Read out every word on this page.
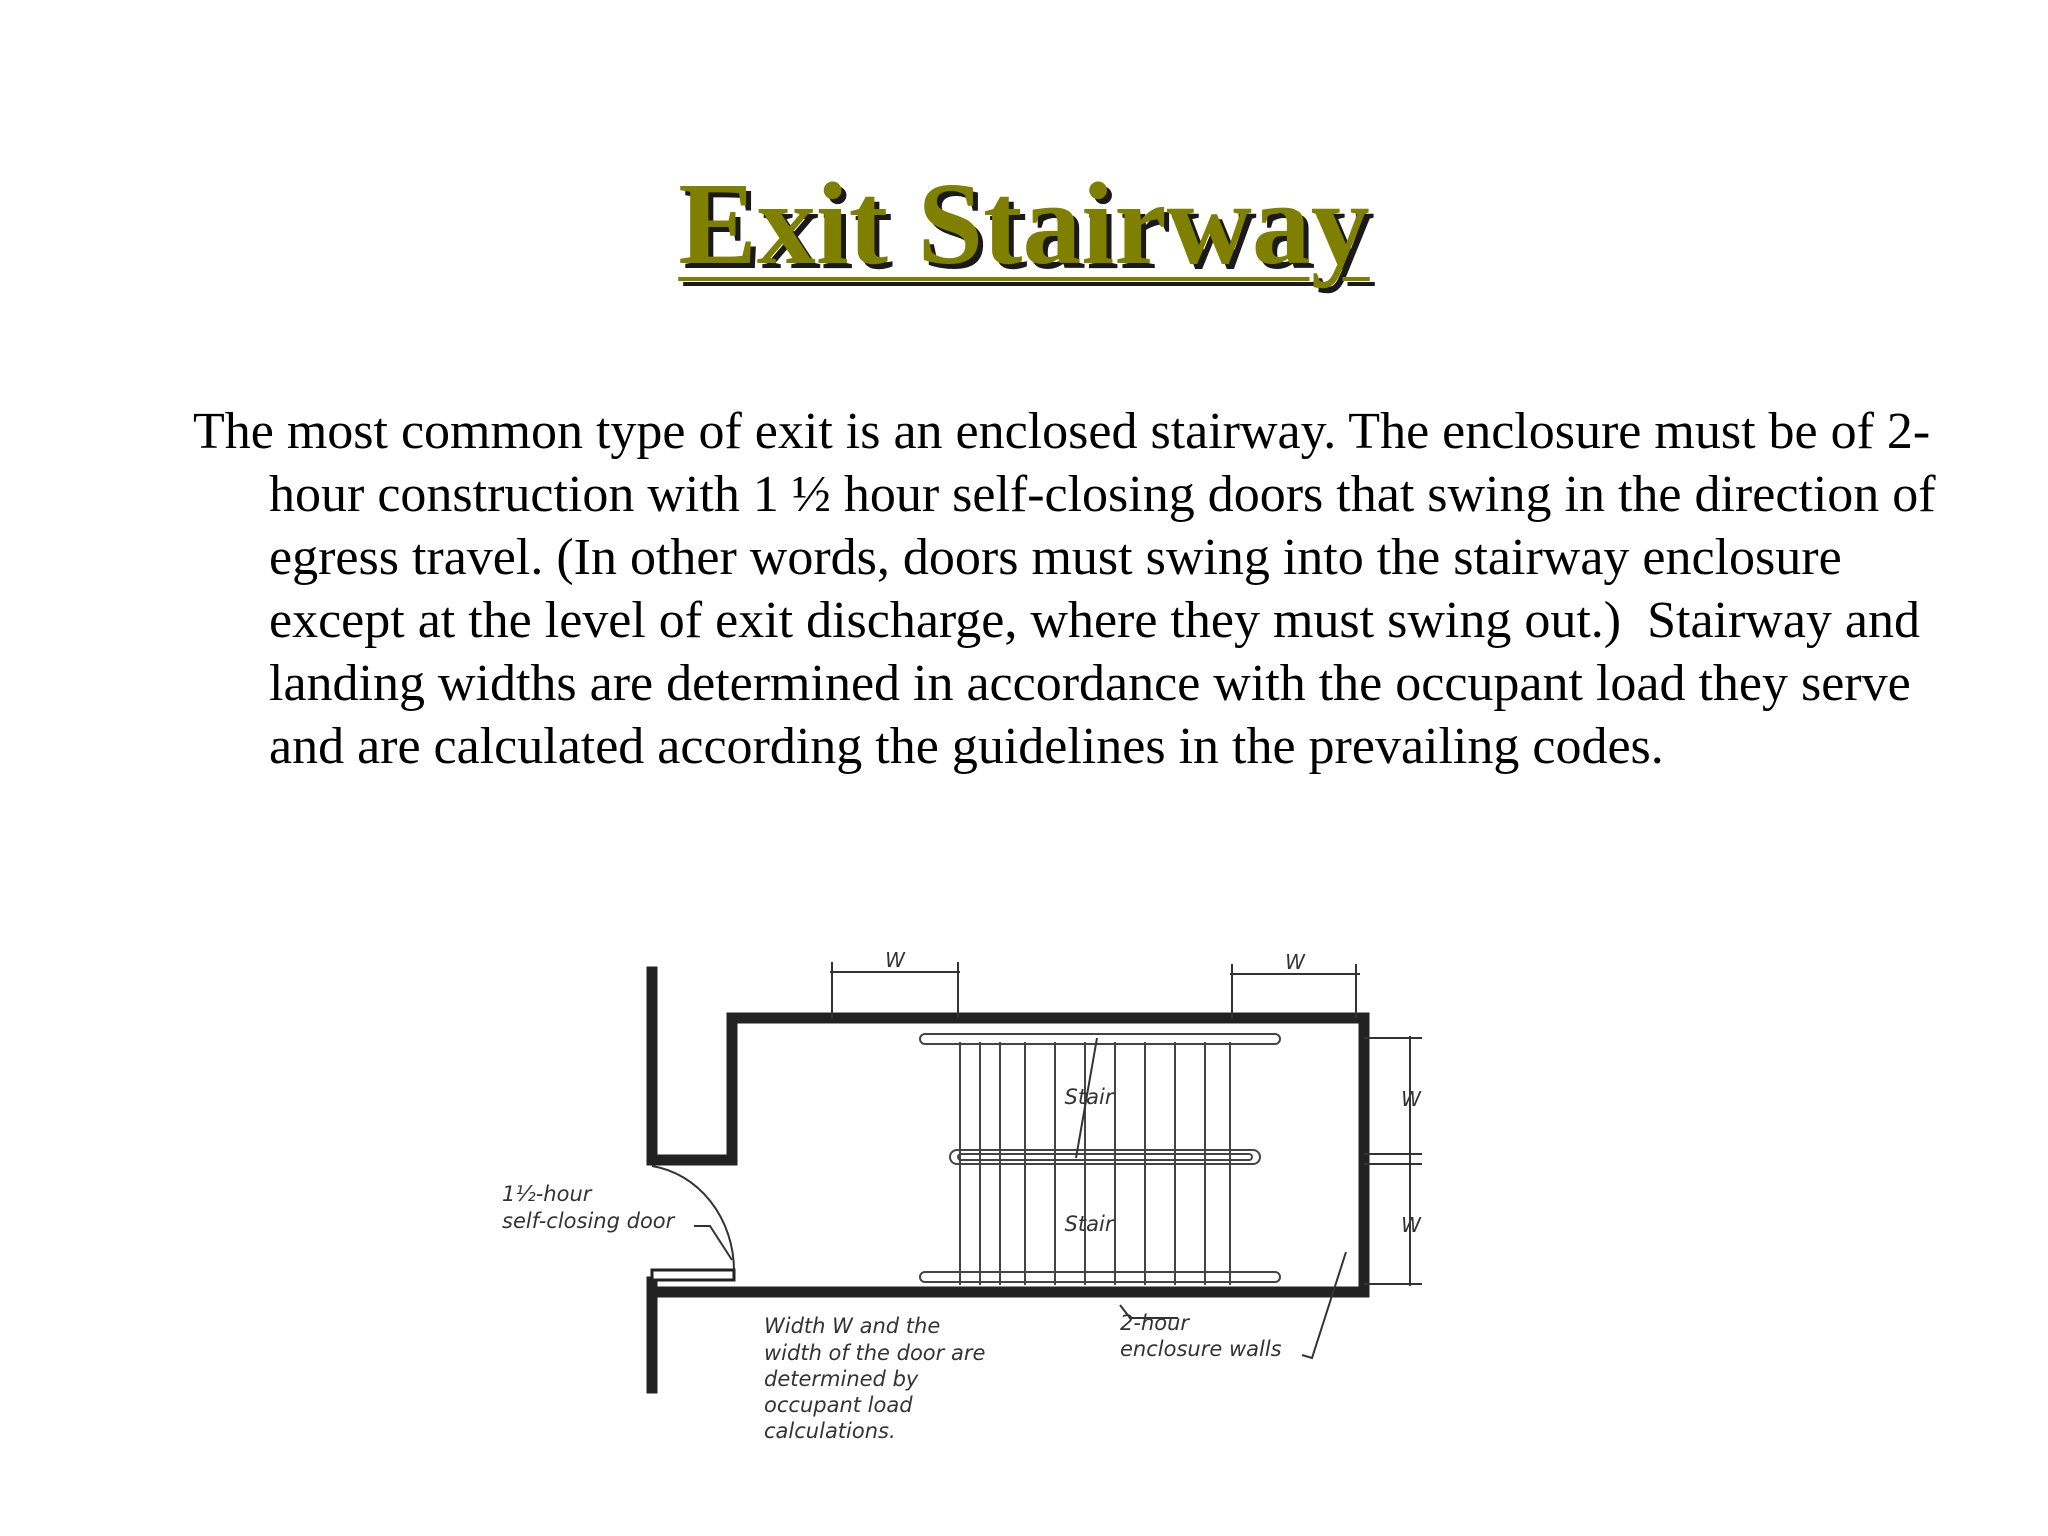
Exit Stairway

The most common type of exit is an enclosed stairway. The enclosure must be of 2-hour construction with 1 ½ hour self-closing doors that swing in the direction of egress travel. (In other words, doors must swing into the stairway enclosure except at the level of exit discharge, where they must swing out.)  Stairway and landing widths are determined in accordance with the occupant load they serve and are calculated according the guidelines in the prevailing codes.

W	W
W
W
Stair
Stair
1½-hour
self-closing door
Width W and the
width of the door are
determined by
occupant load
calculations.
2-hour
enclosure walls
